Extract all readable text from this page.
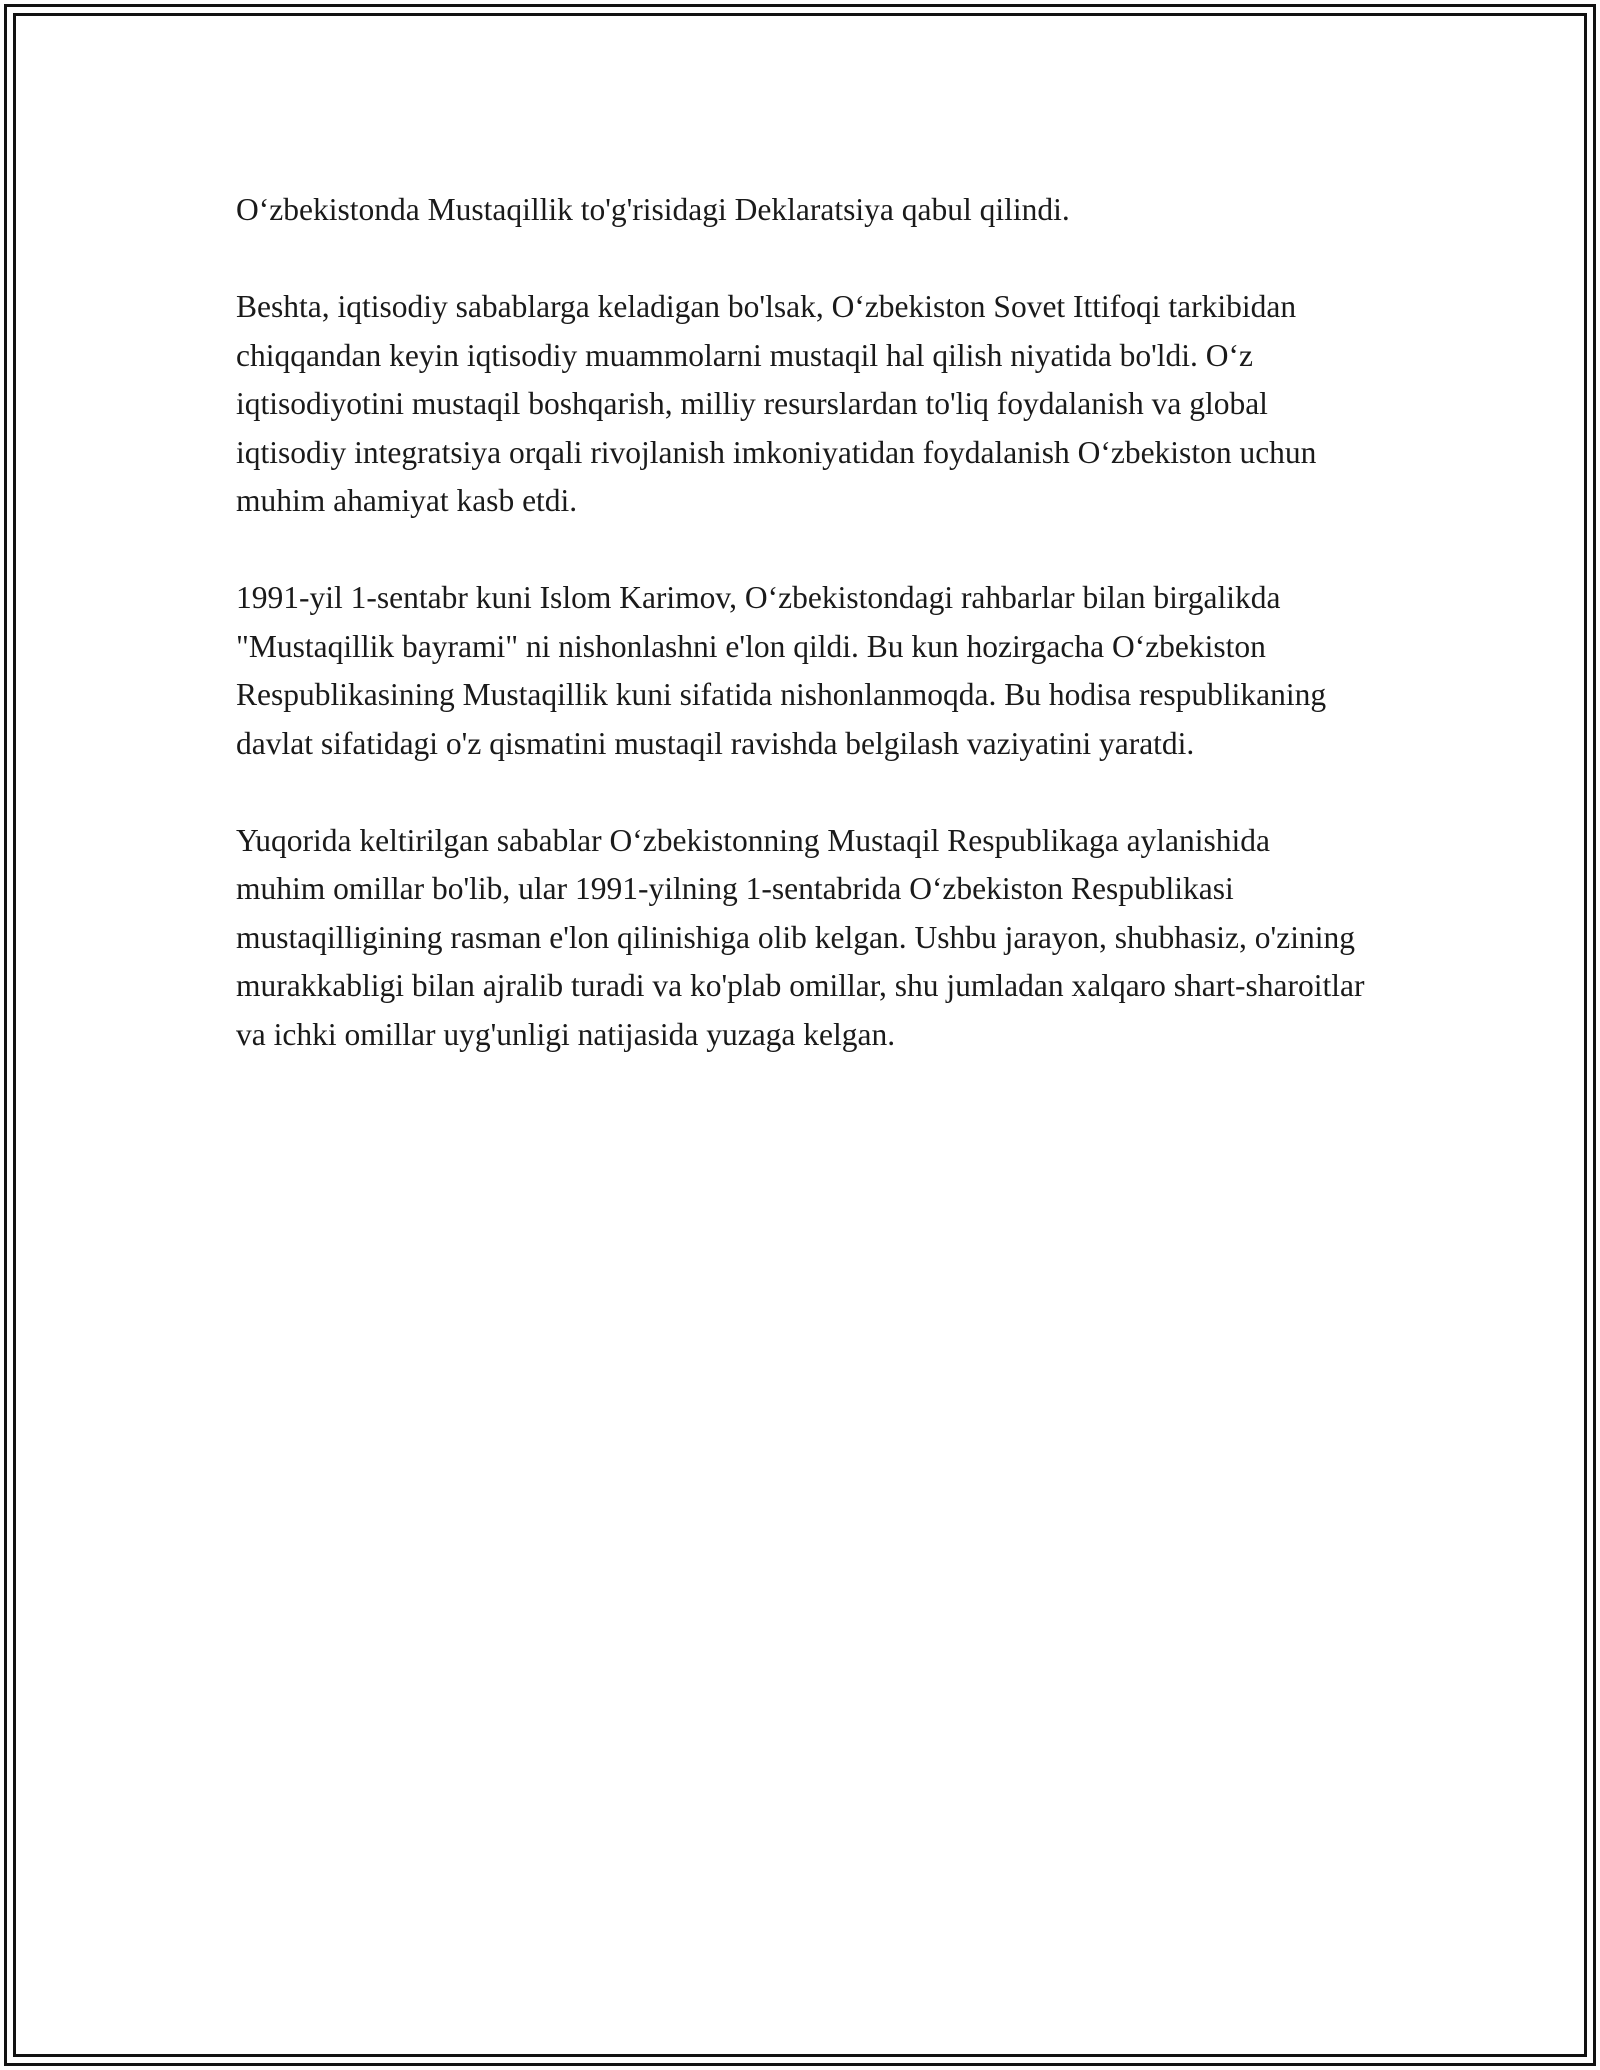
O‘zbekistonda Mustaqillik to'g'risidagi Deklaratsiya qabul qilindi.

Beshta, iqtisodiy sabablarga keladigan bo'lsak, O‘zbekiston Sovet Ittifoqi tarkibidan chiqqandan keyin iqtisodiy muammolarni mustaqil hal qilish niyatida bo'ldi. O‘z iqtisodiyotini mustaqil boshqarish, milliy resurslardan to'liq foydalanish va global iqtisodiy integratsiya orqali rivojlanish imkoniyatidan foydalanish O‘zbekiston uchun muhim ahamiyat kasb etdi.

1991-yil 1-sentabr kuni Islom Karimov, O‘zbekistondagi rahbarlar bilan birgalikda "Mustaqillik bayrami" ni nishonlashni e'lon qildi. Bu kun hozirgacha O‘zbekiston Respublikasining Mustaqillik kuni sifatida nishonlanmoqda. Bu hodisa respublikaning davlat sifatidagi o'z qismatini mustaqil ravishda belgilash vaziyatini yaratdi.

Yuqorida keltirilgan sabablar O‘zbekistonning Mustaqil Respublikaga aylanishida muhim omillar bo'lib, ular 1991-yilning 1-sentabrida O‘zbekiston Respublikasi mustaqilligining rasman e'lon qilinishiga olib kelgan. Ushbu jarayon, shubhasiz, o'zining murakkabligi bilan ajralib turadi va ko'plab omillar, shu jumladan xalqaro shart-sharoitlar va ichki omillar uyg'unligi natijasida yuzaga kelgan.
